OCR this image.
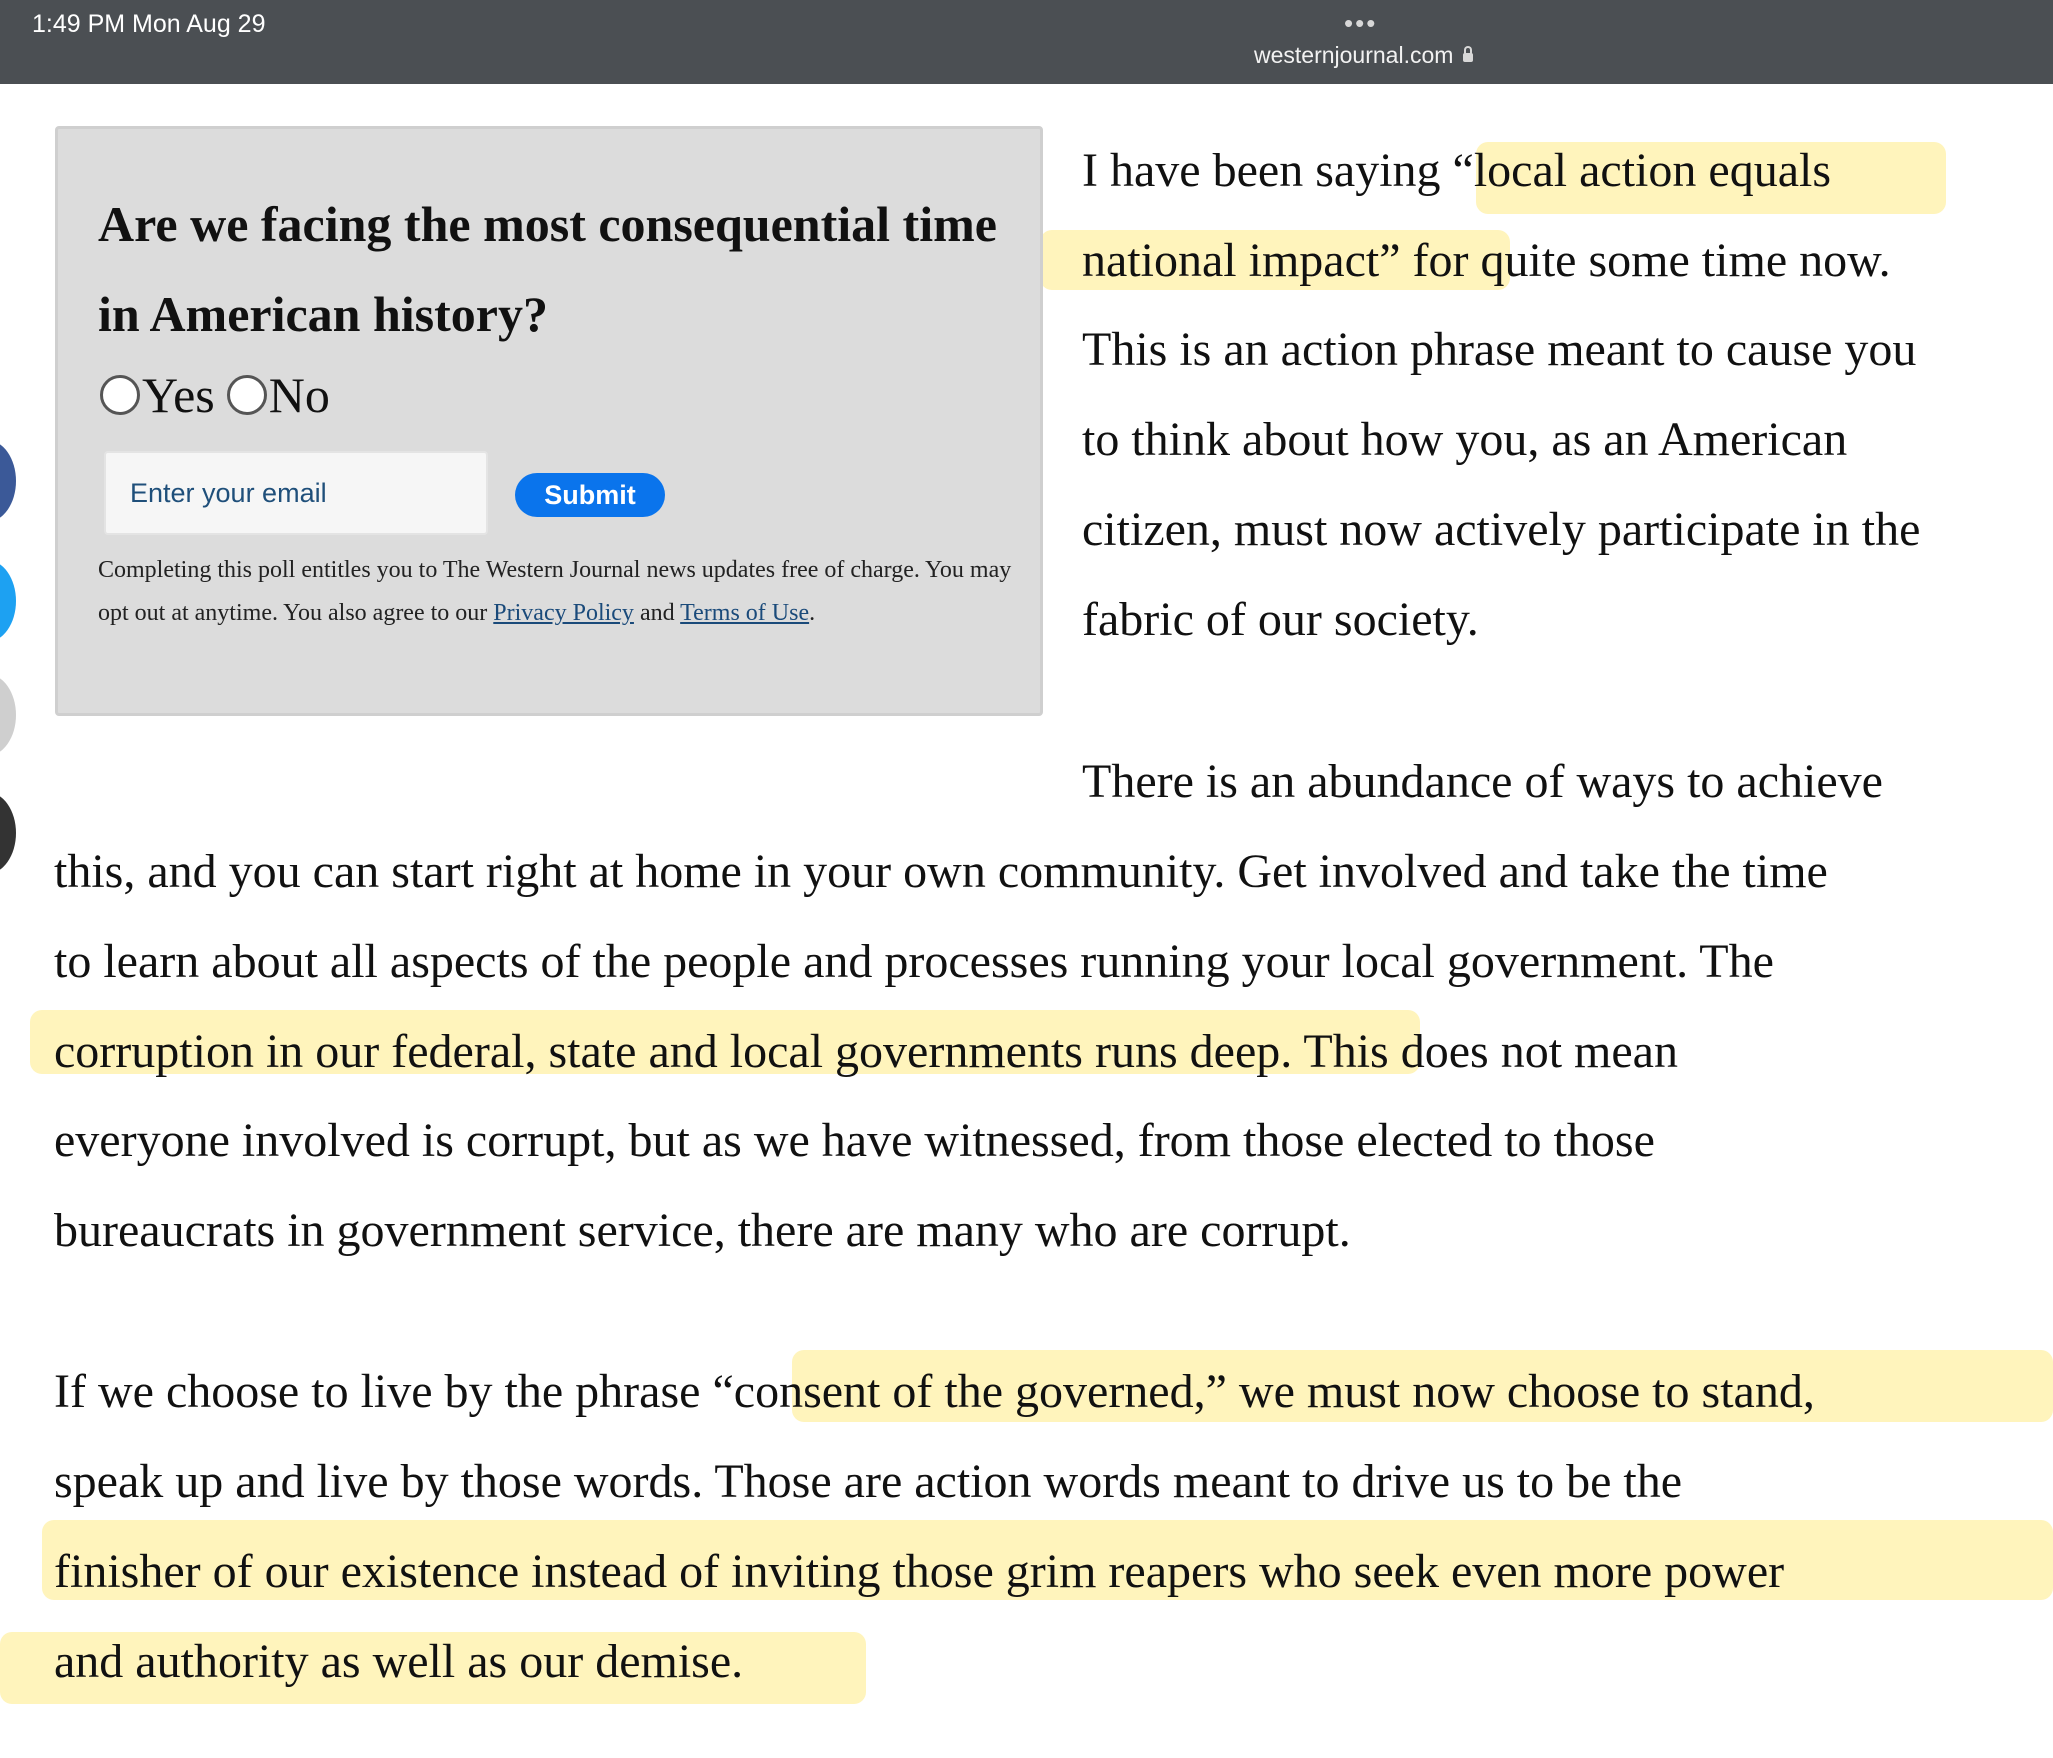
1:49 PM Mon Aug 29	•••
westernjournal.com
Are we facing the most consequential time in American history?
Yes No
Enter your email
Submit

Completing this poll entitles you to The Western Journal news updates free of charge. You may opt out at anytime. You also agree to our Privacy Policy and Terms of Use.

I have been saying “local action equals
national impact” for quite some time now.
This is an action phrase meant to cause you
to think about how you, as an American
citizen, must now actively participate in the
fabric of our society.
There is an abundance of ways to achieve
this, and you can start right at home in your own community. Get involved and take the time
to learn about all aspects of the people and processes running your local government. The
corruption in our federal, state and local governments runs deep. This does not mean
everyone involved is corrupt, but as we have witnessed, from those elected to those
bureaucrats in government service, there are many who are corrupt.
If we choose to live by the phrase “consent of the governed,” we must now choose to stand,
speak up and live by those words. Those are action words meant to drive us to be the
finisher of our existence instead of inviting those grim reapers who seek even more power
and authority as well as our demise.
